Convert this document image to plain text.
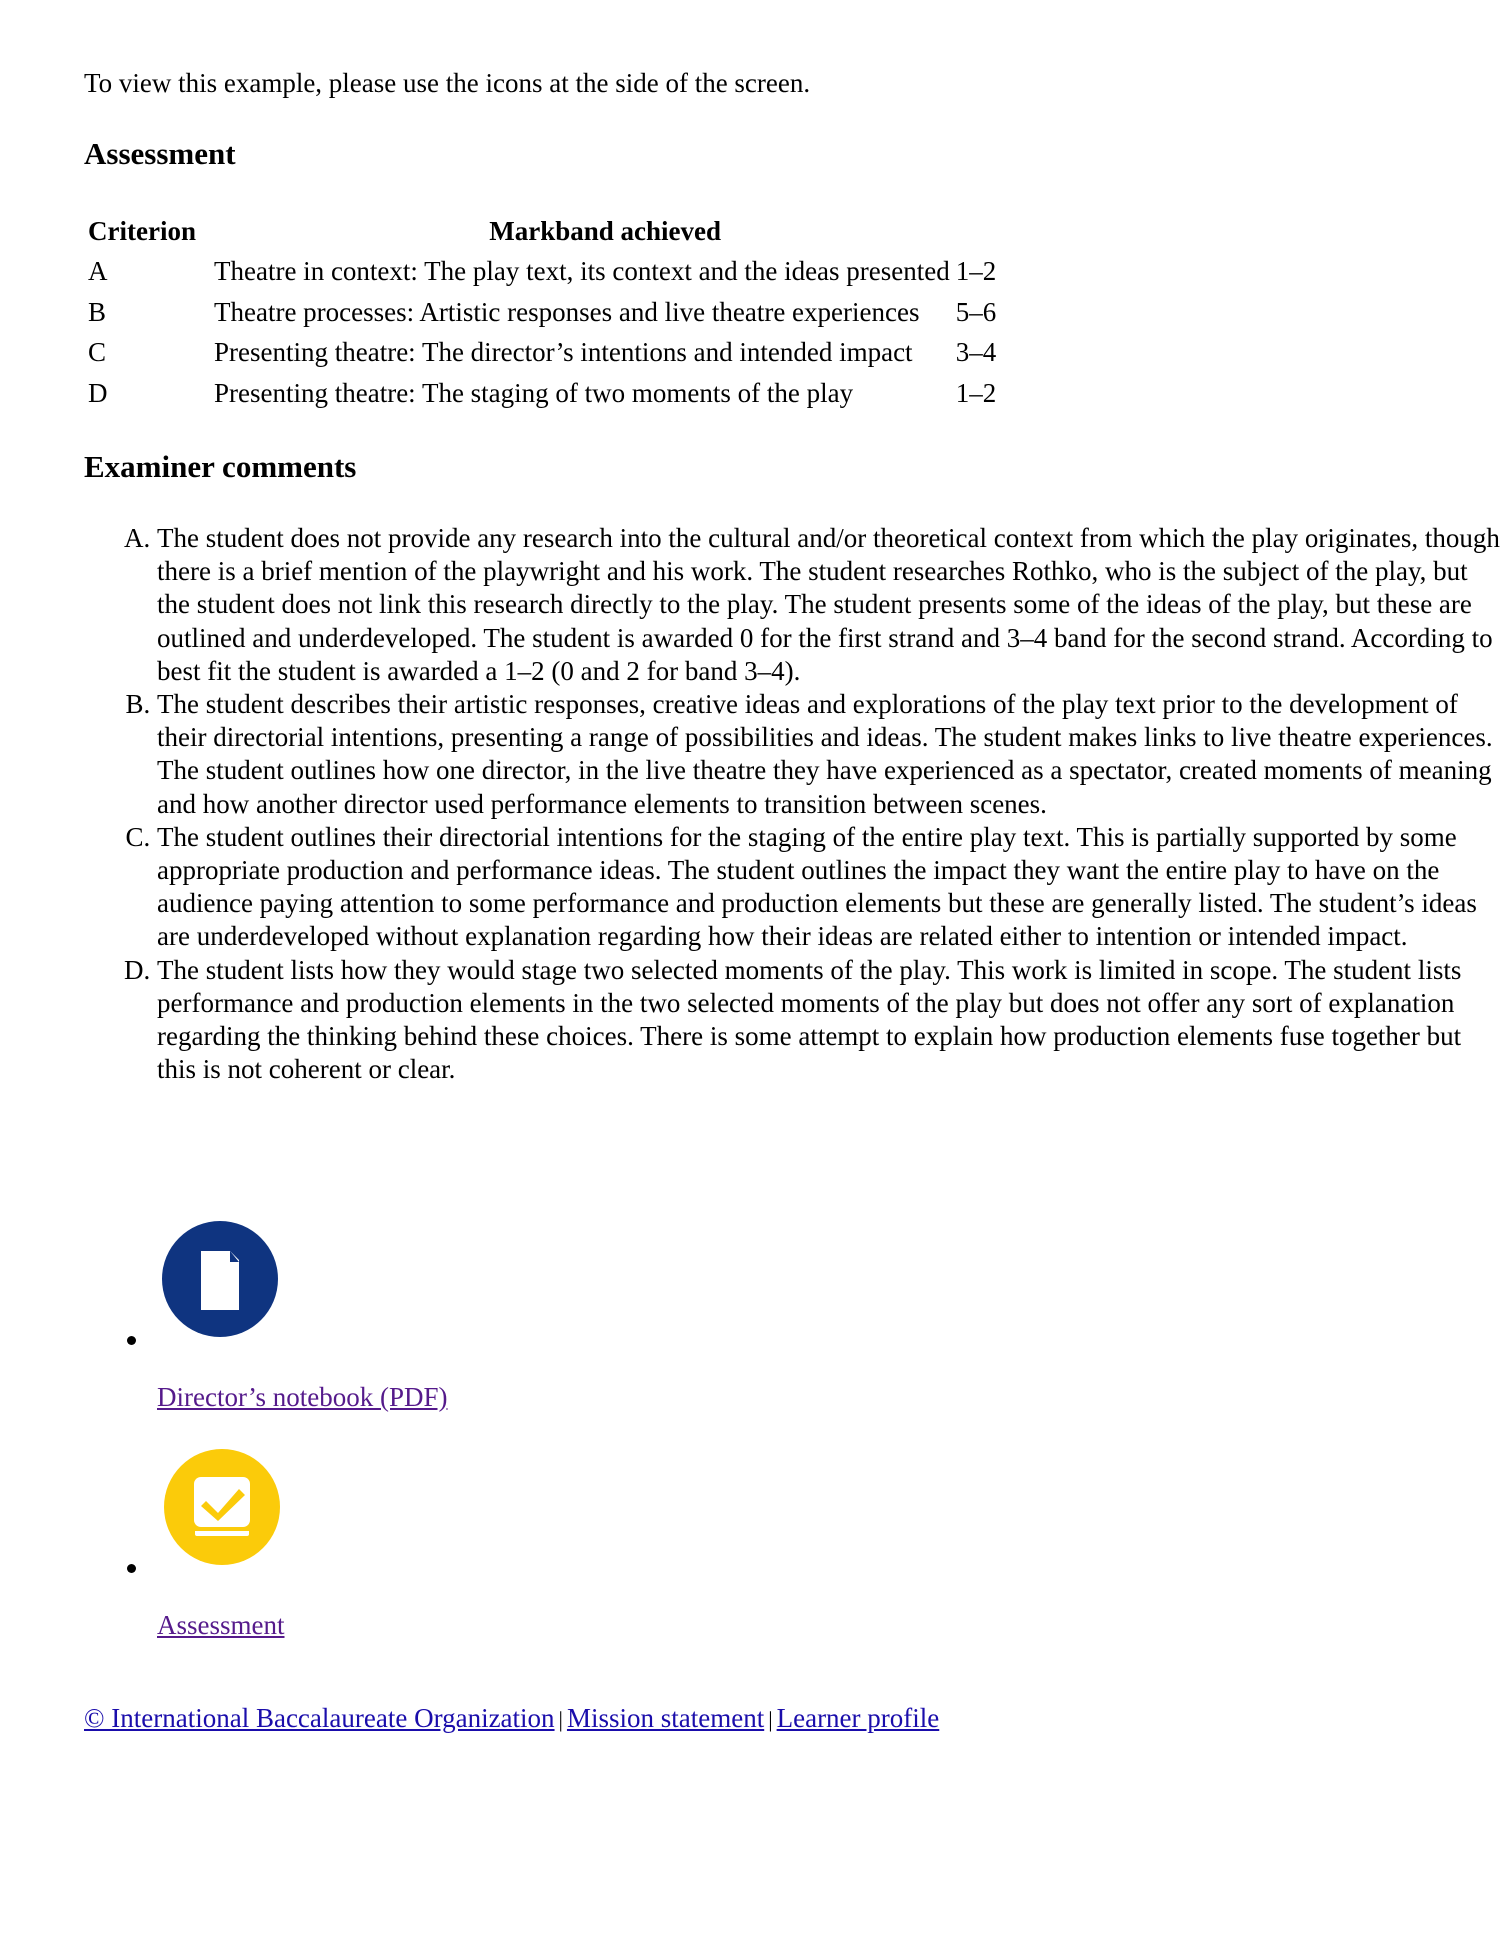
To view this example, please use the icons at the side of the screen.

Assessment
Criterion	Markband achieved	
A	Theatre in context: The play text, its context and the ideas presented	1–2
B	Theatre processes: Artistic responses and live theatre experiences	5–6
C	Presenting theatre: The director’s intentions and intended impact	3–4
D	Presenting theatre: The staging of two moments of the play	1–2
Examiner comments
A. The student does not provide any research into the cultural and/or theoretical context from which the play originates, though there is a brief mention of the playwright and his work. The student researches Rothko, who is the subject of the play, but the student does not link this research directly to the play. The student presents some of the ideas of the play, but these are outlined and underdeveloped. The student is awarded 0 for the first strand and 3–4 band for the second strand. According to best fit the student is awarded a 1–2 (0 and 2 for band 3–4).
B. The student describes their artistic responses, creative ideas and explorations of the play text prior to the development of their directorial intentions, presenting a range of possibilities and ideas. The student makes links to live theatre experiences. The student outlines how one director, in the live theatre they have experienced as a spectator, created moments of meaning and how another director used performance elements to transition between scenes.
C. The student outlines their directorial intentions for the staging of the entire play text. This is partially supported by some appropriate production and performance ideas. The student outlines the impact they want the entire play to have on the audience paying attention to some performance and production elements but these are generally listed. The student’s ideas are underdeveloped without explanation regarding how their ideas are related either to intention or intended impact.
D. The student lists how they would stage two selected moments of the play. This work is limited in scope. The student lists performance and production elements in the two selected moments of the play but does not offer any sort of explanation regarding the thinking behind these choices. There is some attempt to explain how production elements fuse together but this is not coherent or clear.
Director’s notebook (PDF)
Assessment
© International Baccalaureate Organization | Mission statement | Learner profile
